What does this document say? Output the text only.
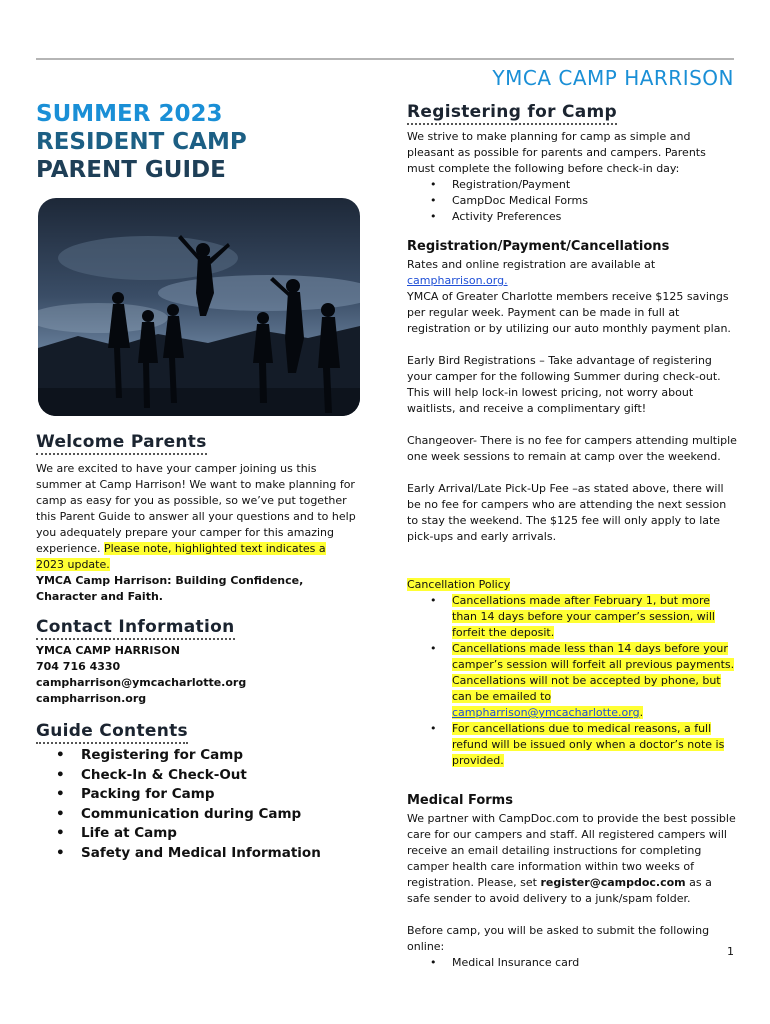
YMCA CAMP HARRISON
SUMMER 2023
RESIDENT CAMP
PARENT GUIDE
Welcome Parents

We are excited to have your camper joining us this summer at Camp Harrison! We want to make planning for camp as easy for you as possible, so we’ve put together this Parent Guide to answer all your questions and to help you adequately prepare your camper for this amazing experience. Please note, highlighted text indicates a 2023 update.

YMCA Camp Harrison: Building Confidence, Character and Faith.

Contact Information

YMCA CAMP HARRISON

704 716 4330

campharrison@ymcacharlotte.org

campharrison.org

Guide Contents
• Registering for Camp
• Check-In & Check-Out
• Packing for Camp
• Communication during Camp
• Life at Camp
• Safety and Medical Information
Registering for Camp

We strive to make planning for camp as simple and pleasant as possible for parents and campers. Parents must complete the following before check-in day:

• Registration/Payment
• CampDoc Medical Forms
• Activity Preferences
Registration/Payment/Cancellations

Rates and online registration are available at
campharrison.org.

YMCA of Greater Charlotte members receive $125 savings per regular week. Payment can be made in full at registration or by utilizing our auto monthly payment plan.

Early Bird Registrations – Take advantage of registering your camper for the following Summer during check-out. This will help lock-in lowest pricing, not worry about waitlists, and receive a complimentary gift!

Changeover- There is no fee for campers attending multiple one week sessions to remain at camp over the weekend.

Early Arrival/Late Pick-Up Fee –as stated above, there will be no fee for campers who are attending the next session to stay the weekend. The $125 fee will only apply to late pick-ups and early arrivals.

Cancellation Policy

• Cancellations made after February 1, but more than 14 days before your camper’s session, will forfeit the deposit.
• Cancellations made less than 14 days before your camper’s session will forfeit all previous payments. Cancellations will not be accepted by phone, but can be emailed to campharrison@ymcacharlotte.org.
• For cancellations due to medical reasons, a full refund will be issued only when a doctor’s note is provided.
Medical Forms

We partner with CampDoc.com to provide the best possible care for our campers and staff. All registered campers will receive an email detailing instructions for completing camper health care information within two weeks of registration. Please, set register@campdoc.com as a safe sender to avoid delivery to a junk/spam folder.

Before camp, you will be asked to submit the following online:

• Medical Insurance card
1
